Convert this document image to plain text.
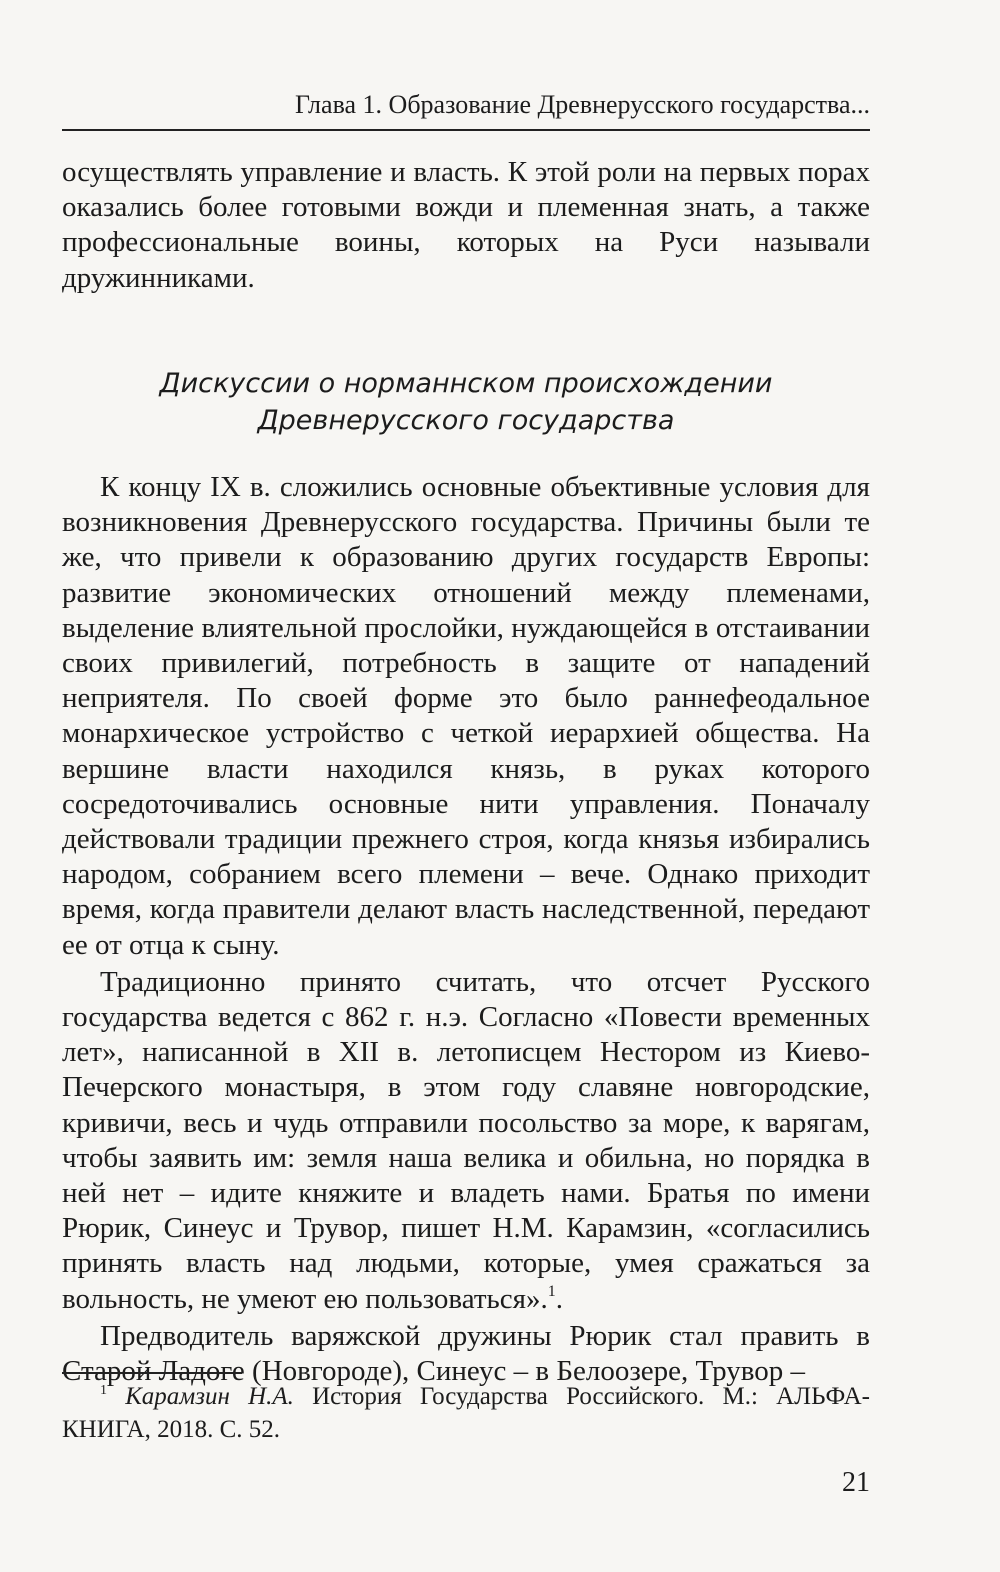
Глава 1. Образование Древнерусского государства...

осуществлять управление и власть. К этой роли на первых порах оказались более готовыми вожди и племенная знать, а также профессиональные воины, которых на Руси называли дружинниками.

Дискуссии о норманнском происхождении
Древнерусского государства

К концу IX в. сложились основные объективные условия для возникновения Древнерусского государства. Причины были те же, что привели к образованию других государств Европы: развитие экономических отношений между племенами, выделение влиятельной прослойки, нуждающейся в отстаивании своих привилегий, потребность в защите от нападений неприятеля. По своей форме это было раннефеодальное монархическое устройство с четкой иерархией общества. На вершине власти находился князь, в руках которого сосредоточивались основные нити управления. Поначалу действовали традиции прежнего строя, когда князья избирались народом, собранием всего племени – вече. Однако приходит время, когда правители делают власть наследственной, передают ее от отца к сыну.

Традиционно принято считать, что отсчет Русского государства ведется с 862 г. н.э. Согласно «Повести временных лет», написанной в XII в. летописцем Нестором из Киево-Печерского монастыря, в этом году славяне новгородские, кривичи, весь и чудь отправили посольство за море, к варягам, чтобы заявить им: земля наша велика и обильна, но порядка в ней нет – идите княжите и владеть нами. Братья по имени Рюрик, Синеус и Трувор, пишет Н.М. Карамзин, «согласились принять власть над людьми, которые, умея сражаться за вольность, не умеют ею пользоваться».$^1$.

Предводитель варяжской дружины Рюрик стал править в Старой Ладоге (Новгороде), Синеус – в Белоозере, Трувор –

$^1$ Карамзин Н.А. История Государства Российского. М.: АЛЬФА-КНИГА, 2018. С. 52.
21
